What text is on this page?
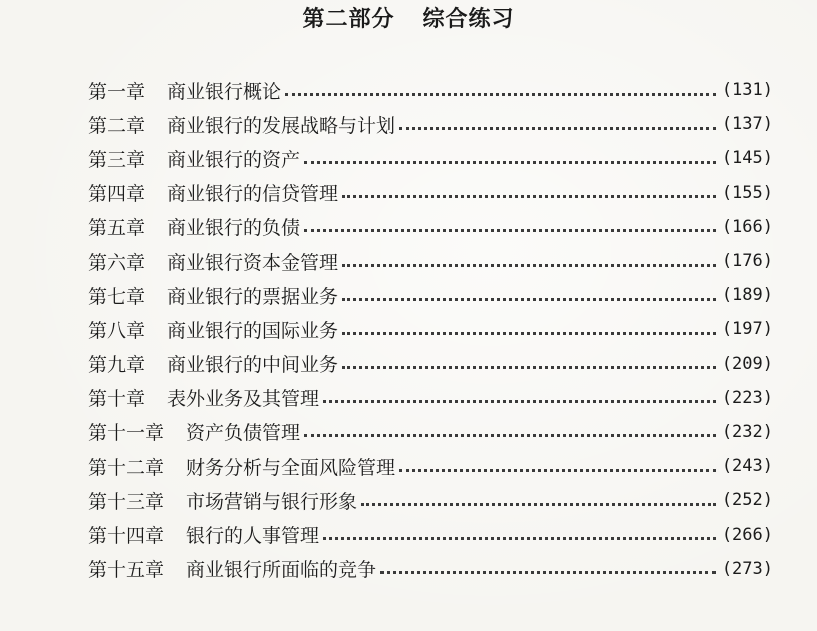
第二部分 综合练习
第一章 商业银行概论	(131)
第二章 商业银行的发展战略与计划	(137)
第三章 商业银行的资产	(145)
第四章 商业银行的信贷管理	(155)
第五章 商业银行的负债	(166)
第六章 商业银行资本金管理	(176)
第七章 商业银行的票据业务	(189)
第八章 商业银行的国际业务	(197)
第九章 商业银行的中间业务	(209)
第十章 表外业务及其管理	(223)
第十一章 资产负债管理	(232)
第十二章 财务分析与全面风险管理	(243)
第十三章 市场营销与银行形象	(252)
第十四章 银行的人事管理	(266)
第十五章 商业银行所面临的竞争	(273)
